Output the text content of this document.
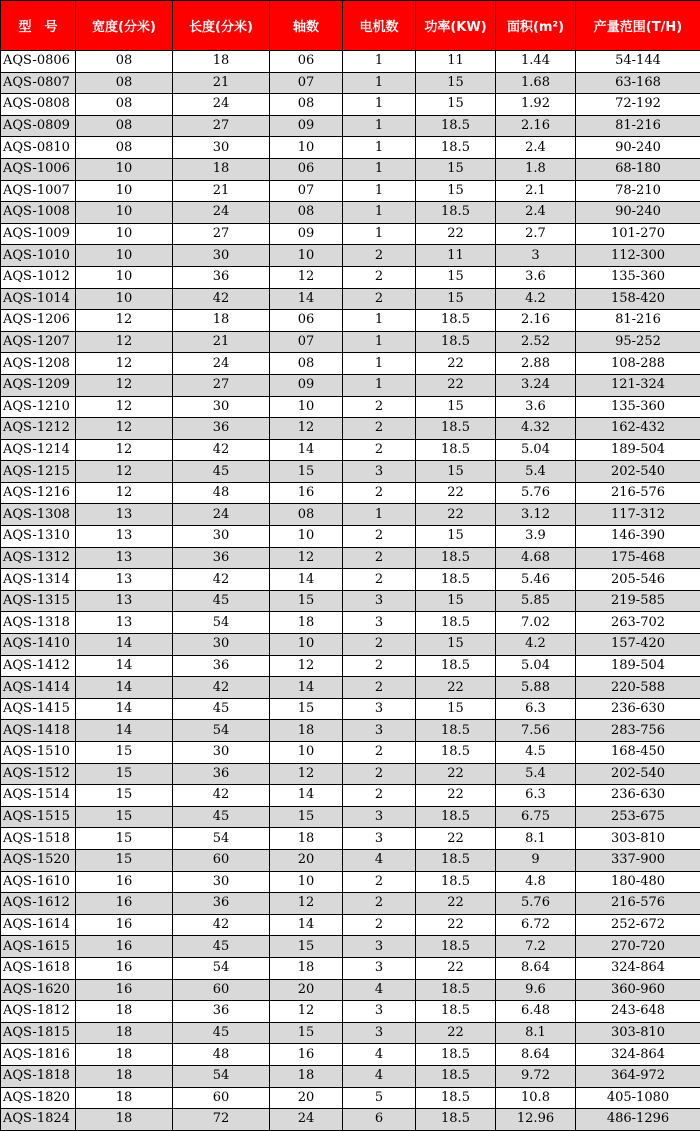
型　号	宽度(分米)	长度(分米)	轴数	电机数	功率(KW)	面积(m²)	产量范围(T/H)
AQS-0806	08	18	06	1	11	1.44	54-144
AQS-0807	08	21	07	1	15	1.68	63-168
AQS-0808	08	24	08	1	15	1.92	72-192
AQS-0809	08	27	09	1	18.5	2.16	81-216
AQS-0810	08	30	10	1	18.5	2.4	90-240
AQS-1006	10	18	06	1	15	1.8	68-180
AQS-1007	10	21	07	1	15	2.1	78-210
AQS-1008	10	24	08	1	18.5	2.4	90-240
AQS-1009	10	27	09	1	22	2.7	101-270
AQS-1010	10	30	10	2	11	3	112-300
AQS-1012	10	36	12	2	15	3.6	135-360
AQS-1014	10	42	14	2	15	4.2	158-420
AQS-1206	12	18	06	1	18.5	2.16	81-216
AQS-1207	12	21	07	1	18.5	2.52	95-252
AQS-1208	12	24	08	1	22	2.88	108-288
AQS-1209	12	27	09	1	22	3.24	121-324
AQS-1210	12	30	10	2	15	3.6	135-360
AQS-1212	12	36	12	2	18.5	4.32	162-432
AQS-1214	12	42	14	2	18.5	5.04	189-504
AQS-1215	12	45	15	3	15	5.4	202-540
AQS-1216	12	48	16	2	22	5.76	216-576
AQS-1308	13	24	08	1	22	3.12	117-312
AQS-1310	13	30	10	2	15	3.9	146-390
AQS-1312	13	36	12	2	18.5	4.68	175-468
AQS-1314	13	42	14	2	18.5	5.46	205-546
AQS-1315	13	45	15	3	15	5.85	219-585
AQS-1318	13	54	18	3	18.5	7.02	263-702
AQS-1410	14	30	10	2	15	4.2	157-420
AQS-1412	14	36	12	2	18.5	5.04	189-504
AQS-1414	14	42	14	2	22	5.88	220-588
AQS-1415	14	45	15	3	15	6.3	236-630
AQS-1418	14	54	18	3	18.5	7.56	283-756
AQS-1510	15	30	10	2	18.5	4.5	168-450
AQS-1512	15	36	12	2	22	5.4	202-540
AQS-1514	15	42	14	2	22	6.3	236-630
AQS-1515	15	45	15	3	18.5	6.75	253-675
AQS-1518	15	54	18	3	22	8.1	303-810
AQS-1520	15	60	20	4	18.5	9	337-900
AQS-1610	16	30	10	2	18.5	4.8	180-480
AQS-1612	16	36	12	2	22	5.76	216-576
AQS-1614	16	42	14	2	22	6.72	252-672
AQS-1615	16	45	15	3	18.5	7.2	270-720
AQS-1618	16	54	18	3	22	8.64	324-864
AQS-1620	16	60	20	4	18.5	9.6	360-960
AQS-1812	18	36	12	3	18.5	6.48	243-648
AQS-1815	18	45	15	3	22	8.1	303-810
AQS-1816	18	48	16	4	18.5	8.64	324-864
AQS-1818	18	54	18	4	18.5	9.72	364-972
AQS-1820	18	60	20	5	18.5	10.8	405-1080
AQS-1824	18	72	24	6	18.5	12.96	486-1296
